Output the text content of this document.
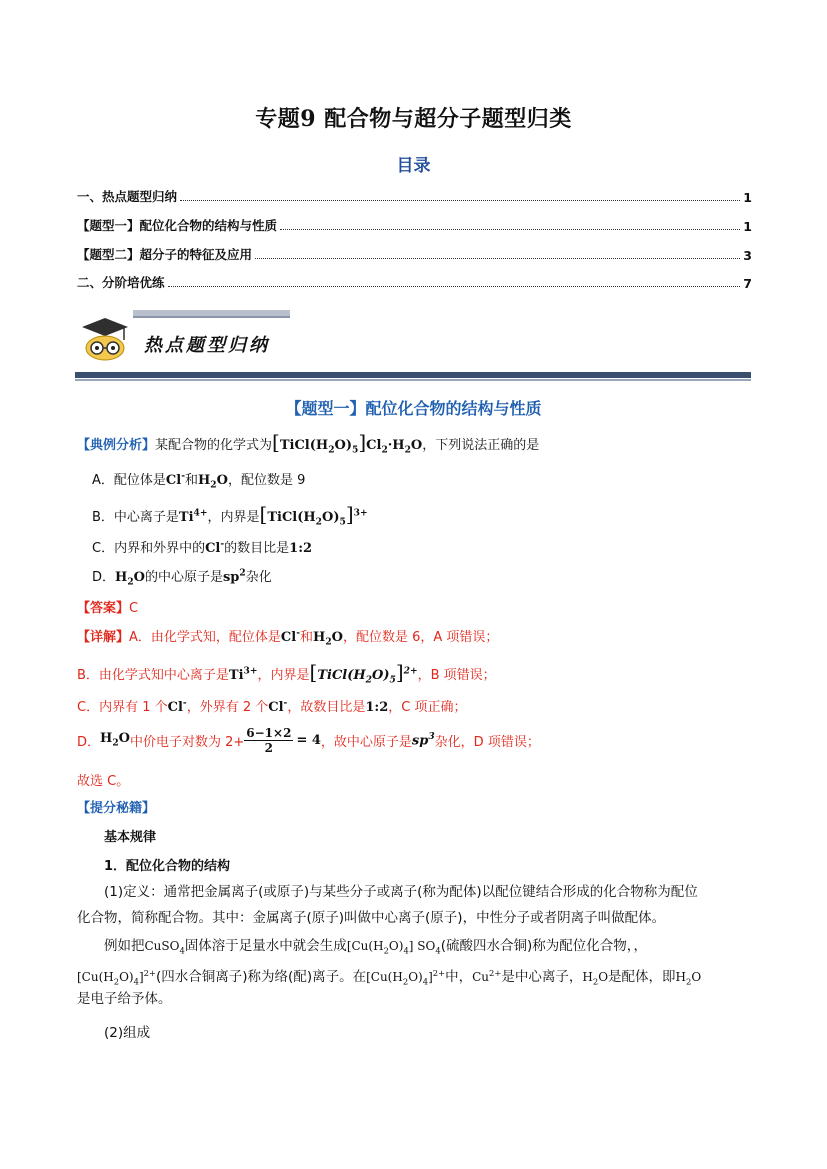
专题9 配合物与超分子题型归类
目录
一、热点题型归纳	1
【题型一】配位化合物的结构与性质	1
【题型二】超分子的特征及应用	3
二、分阶培优练	7
热点题型归纳
【题型一】配位化合物的结构与性质
【典例分析】某配合物的化学式为$[TiCl(H_2O)_5]Cl_2\cdot H_2O$，下列说法正确的是
A．配位体是Cl-和$H_2O$，配位数是 9
B．中心离子是$Ti^{4+}$，内界是$[TiCl(H_2O)_5]^{3+}$
C．内界和外界中的Cl-的数目比是1:2
D．$H_2O$的中心原子是$sp^2$杂化
【答案】C
【详解】A．由化学式知，配位体是Cl-和$H_2O$，配位数是 6，A 项错误；
B．由化学式知中心离子是$Ti^{3+}$，内界是$[TiCl(H_2O)_5]^{2+}$，B 项错误；
C．内界有 1 个Cl-，外界有 2 个Cl-，故数目比是1:2，C 项正确；
D． $H_2O$ 中价电子对数为 $2+ \frac{6-1\times 2}{2} = 4$ ，故中心原子是 $sp^3$ 杂化，D 项错误；
故选 C。
【提分秘籍】
基本规律
1．配位化合物的结构
(1)定义：通常把金属离子(或原子)与某些分子或离子(称为配体)以配位键结合形成的化合物称为配位
化合物，简称配合物。其中：金属离子(原子)叫做中心离子(原子)，中性分子或者阴离子叫做配体。
例如把CuSO$_4$固体溶于足量水中就会生成$[Cu(H_2O)_4]$ $SO_4$(硫酸四水合铜)称为配位化合物，，
$[Cu(H_2O)_4]^{2+}$(四水合铜离子)称为络(配)离子。在$[Cu(H_2O)_4]^{2+}$中，$Cu^{2+}$是中心离子，$H_2O$是配体，即$H_2O$
是电子给予体。
(2)组成
